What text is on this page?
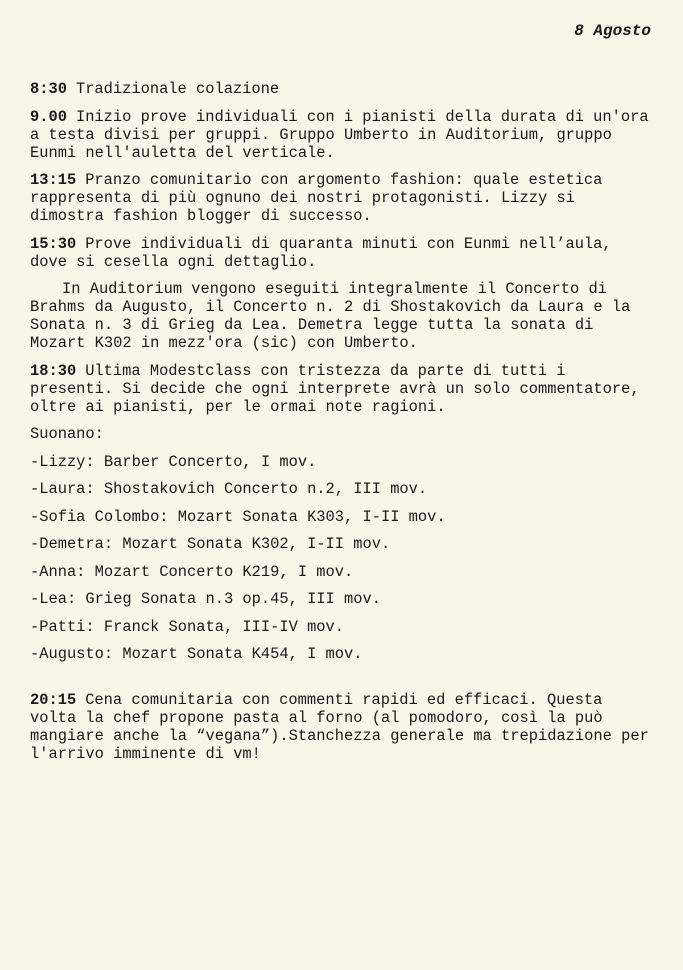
8 Agosto

8:30 Tradizionale colazione

9.00 Inizio prove individuali con i pianisti della durata di un'ora a testa divisi per gruppi. Gruppo Umberto in Auditorium, gruppo Eunmi nell'auletta del verticale.

13:15 Pranzo comunitario con argomento fashion: quale estetica rappresenta di più ognuno dei nostri protagonisti. Lizzy si dimostra fashion blogger di successo.

15:30 Prove individuali di quaranta minuti con Eunmi nell’aula, dove si cesella ogni dettaglio.

In Auditorium vengono eseguiti integralmente il Concerto di Brahms da Augusto, il Concerto n. 2 di Shostakovich da Laura e la Sonata n. 3 di Grieg da Lea. Demetra legge tutta la sonata di Mozart K302 in mezz'ora (sic) con Umberto.

18:30 Ultima Modestclass con tristezza da parte di tutti i presenti. Si decide che ogni interprete avrà un solo commentatore, oltre ai pianisti, per le ormai note ragioni.

Suonano:

-Lizzy: Barber Concerto, I mov.

-Laura: Shostakovich Concerto n.2, III mov.

-Sofia Colombo: Mozart Sonata K303, I-II mov.

-Demetra: Mozart Sonata K302, I-II mov.

-Anna: Mozart Concerto K219, I mov.

-Lea: Grieg Sonata n.3 op.45, III mov.

-Patti: Franck Sonata, III-IV mov.

-Augusto: Mozart Sonata K454, I mov.

20:15 Cena comunitaria con commenti rapidi ed efficaci. Questa volta la chef propone pasta al forno (al pomodoro, così la può mangiare anche la “vegana”).Stanchezza generale ma trepidazione per l'arrivo imminente di vm!
